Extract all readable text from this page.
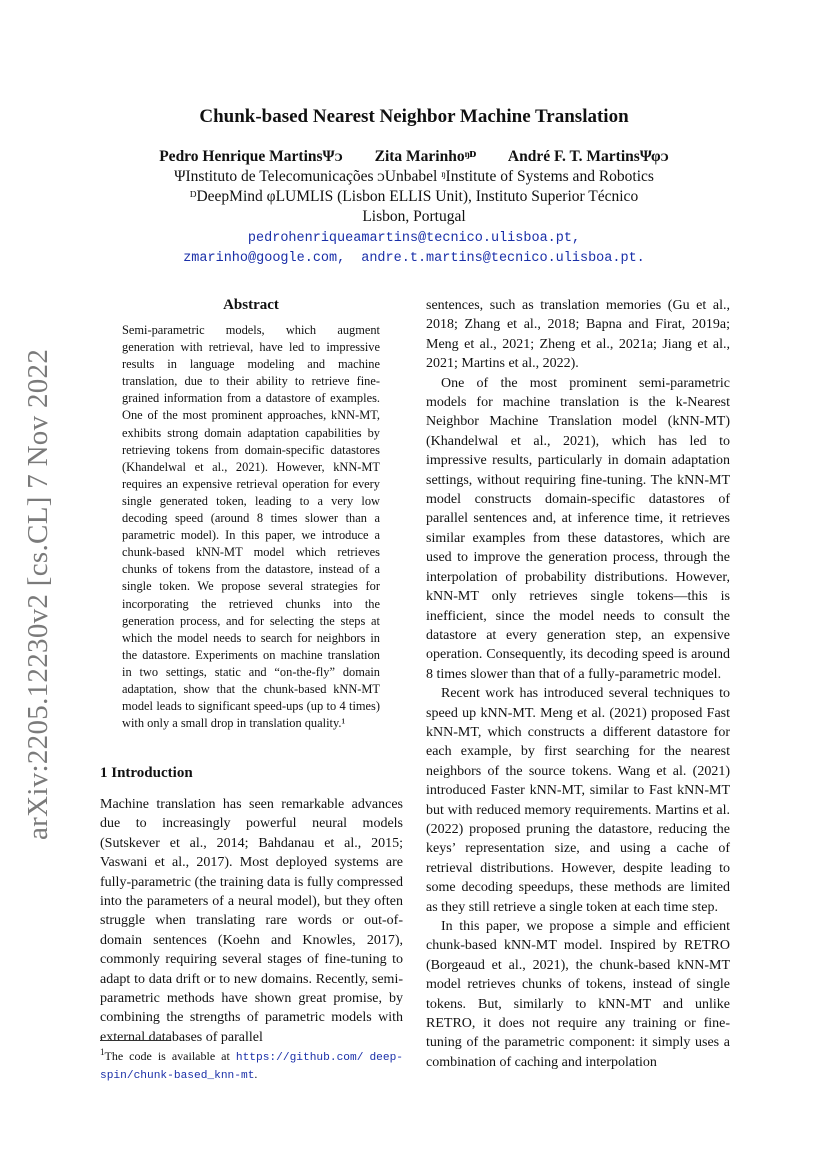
arXiv:2205.12230v2 [cs.CL] 7 Nov 2022
Chunk-based Nearest Neighbor Machine Translation
Pedro Henrique MartinsΨᴐ Zita Marinhoᵑᴰ André F. T. MartinsΨφᴐ
ΨInstituto de Telecomunicações ᴐUnbabel ᵑInstitute of Systems and Robotics
ᴰDeepMind φLUMLIS (Lisbon ELLIS Unit), Instituto Superior Técnico
Lisbon, Portugal
pedrohenriqueamartins@tecnico.ulisboa.pt,
zmarinho@google.com, andre.t.martins@tecnico.ulisboa.pt.
Abstract
Semi-parametric models, which augment generation with retrieval, have led to impressive results in language modeling and machine translation, due to their ability to retrieve fine-grained information from a datastore of examples. One of the most prominent approaches, kNN-MT, exhibits strong domain adaptation capabilities by retrieving tokens from domain-specific datastores (Khandelwal et al., 2021). However, kNN-MT requires an expensive retrieval operation for every single generated token, leading to a very low decoding speed (around 8 times slower than a parametric model). In this paper, we introduce a chunk-based kNN-MT model which retrieves chunks of tokens from the datastore, instead of a single token. We propose several strategies for incorporating the retrieved chunks into the generation process, and for selecting the steps at which the model needs to search for neighbors in the datastore. Experiments on machine translation in two settings, static and “on-the-fly” domain adaptation, show that the chunk-based kNN-MT model leads to significant speed-ups (up to 4 times) with only a small drop in translation quality.¹
1 Introduction
Machine translation has seen remarkable advances due to increasingly powerful neural models (Sutskever et al., 2014; Bahdanau et al., 2015; Vaswani et al., 2017). Most deployed systems are fully-parametric (the training data is fully compressed into the parameters of a neural model), but they often struggle when translating rare words or out-of-domain sentences (Koehn and Knowles, 2017), commonly requiring several stages of fine-tuning to adapt to data drift or to new domains. Recently, semi-parametric methods have shown great promise, by combining the strengths of parametric models with external databases of parallel

sentences, such as translation memories (Gu et al., 2018; Zhang et al., 2018; Bapna and Firat, 2019a; Meng et al., 2021; Zheng et al., 2021a; Jiang et al., 2021; Martins et al., 2022).

One of the most prominent semi-parametric models for machine translation is the k-Nearest Neighbor Machine Translation model (kNN-MT) (Khandelwal et al., 2021), which has led to impressive results, particularly in domain adaptation settings, without requiring fine-tuning. The kNN-MT model constructs domain-specific datastores of parallel sentences and, at inference time, it retrieves similar examples from these datastores, which are used to improve the generation process, through the interpolation of probability distributions. However, kNN-MT only retrieves single tokens—this is inefficient, since the model needs to consult the datastore at every generation step, an expensive operation. Consequently, its decoding speed is around 8 times slower than that of a fully-parametric model.

Recent work has introduced several techniques to speed up kNN-MT. Meng et al. (2021) proposed Fast kNN-MT, which constructs a different datastore for each example, by first searching for the nearest neighbors of the source tokens. Wang et al. (2021) introduced Faster kNN-MT, similar to Fast kNN-MT but with reduced memory requirements. Martins et al. (2022) proposed pruning the datastore, reducing the keys’ representation size, and using a cache of retrieval distributions. However, despite leading to some decoding speedups, these methods are limited as they still retrieve a single token at each time step.

In this paper, we propose a simple and efficient chunk-based kNN-MT model. Inspired by RETRO (Borgeaud et al., 2021), the chunk-based kNN-MT model retrieves chunks of tokens, instead of single tokens. But, similarly to kNN-MT and unlike RETRO, it does not require any training or fine-tuning of the parametric component: it simply uses a combination of caching and interpolation

$^1$The code is available at https://github.com/ deep-spin/chunk-based_knn-mt.
